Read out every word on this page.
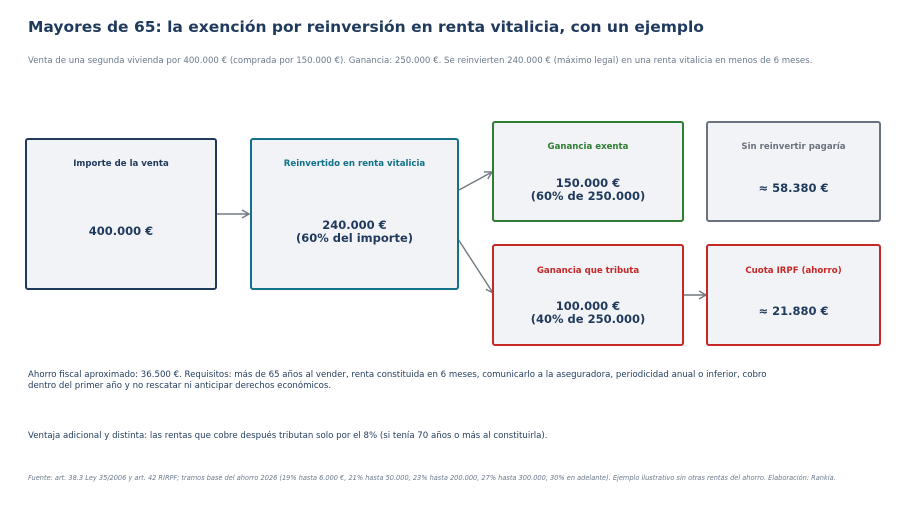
Mayores de 65: la exención por reinversión en renta vitalicia, con un ejemplo
Venta de una segunda vivienda por 400.000 € (comprada por 150.000 €). Ganancia: 250.000 €. Se reinvierten 240.000 € (máximo legal) en una renta vitalicia en menos de 6 meses.
Importe de la venta
400.000 €
Reinvertido en renta vitalicia
240.000 €
(60% del importe)
Ganancia exenta
150.000 €
(60% de 250.000)
Sin reinvertir pagaría
≈ 58.380 €
Ganancia que tributa
100.000 €
(40% de 250.000)
Cuota IRPF (ahorro)
≈ 21.880 €
Ahorro fiscal aproximado: 36.500 €. Requisitos: más de 65 años al vender, renta constituida en 6 meses, comunicarlo a la aseguradora, periodicidad anual o inferior, cobro dentro del primer año y no rescatar ni anticipar derechos económicos.
Ventaja adicional y distinta: las rentas que cobre después tributan solo por el 8% (si tenía 70 años o más al constituirla).
Fuente: art. 38.3 Ley 35/2006 y art. 42 RIRPF; tramos base del ahorro 2026 (19% hasta 6.000 €, 21% hasta 50.000, 23% hasta 200.000, 27% hasta 300.000, 30% en adelante). Ejemplo ilustrativo sin otras rentas del ahorro. Elaboración: Rankia.
